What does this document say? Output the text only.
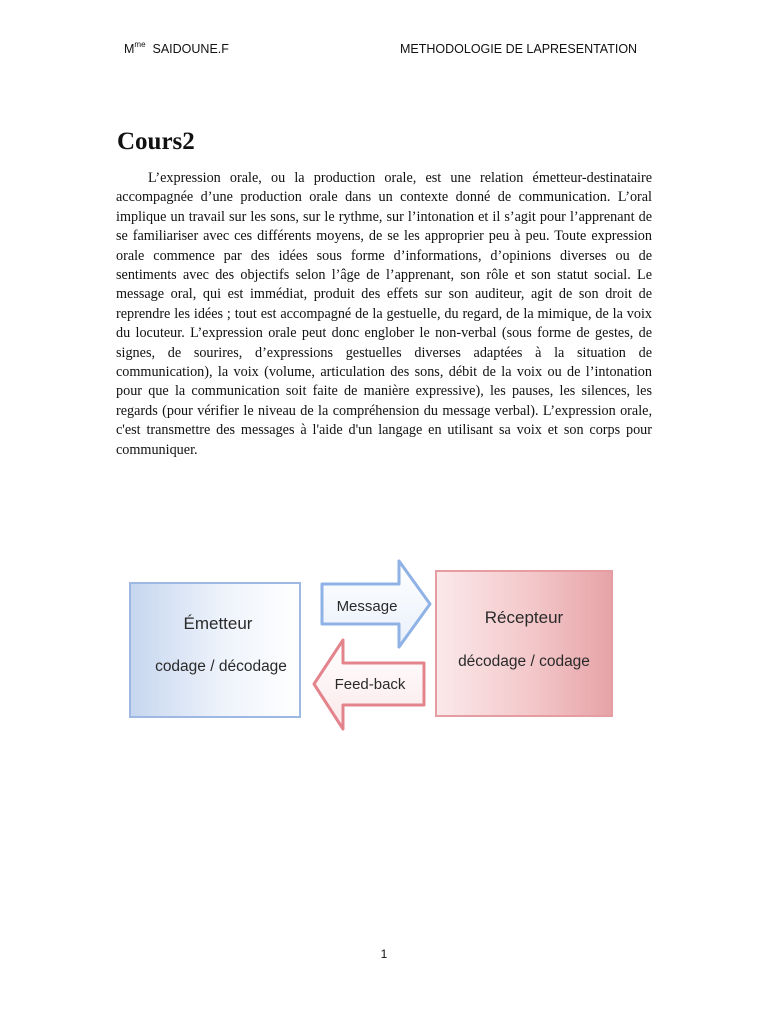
$M^{me}$ SAIDOUNE.F	METHODOLOGIE DE LAPRESENTATION
Cours2

L’expression orale, ou la production orale, est une relation émetteur-destinataire accompagnée d’une production orale dans un contexte donné de communication. L’oral implique un travail sur les sons, sur le rythme, sur l’intonation et il s’agit pour l’apprenant de se familiariser avec ces différents moyens, de se les approprier peu à peu. Toute expression orale commence par des idées sous forme d’informations, d’opinions diverses ou de sentiments avec des objectifs selon l’âge de l’apprenant, son rôle et son statut social. Le message oral, qui est immédiat, produit des effets sur son auditeur, agit de son droit de reprendre les idées ; tout est accompagné de la gestuelle, du regard, de la mimique, de la voix du locuteur. L’expression orale peut donc englober le non-verbal (sous forme de gestes, de signes, de sourires, d’expressions gestuelles diverses adaptées à la situation de communication), la voix (volume, articulation des sons, débit de la voix ou de l’intonation pour que la communication soit faite de manière expressive), les pauses, les silences, les regards (pour vérifier le niveau de la compréhension du message verbal). L’expression orale, c'est transmettre des messages à l'aide d'un langage en utilisant sa voix et son corps pour communiquer.

Émetteur
codage / décodage
Récepteur
décodage / codage
Message
Feed-back
1
